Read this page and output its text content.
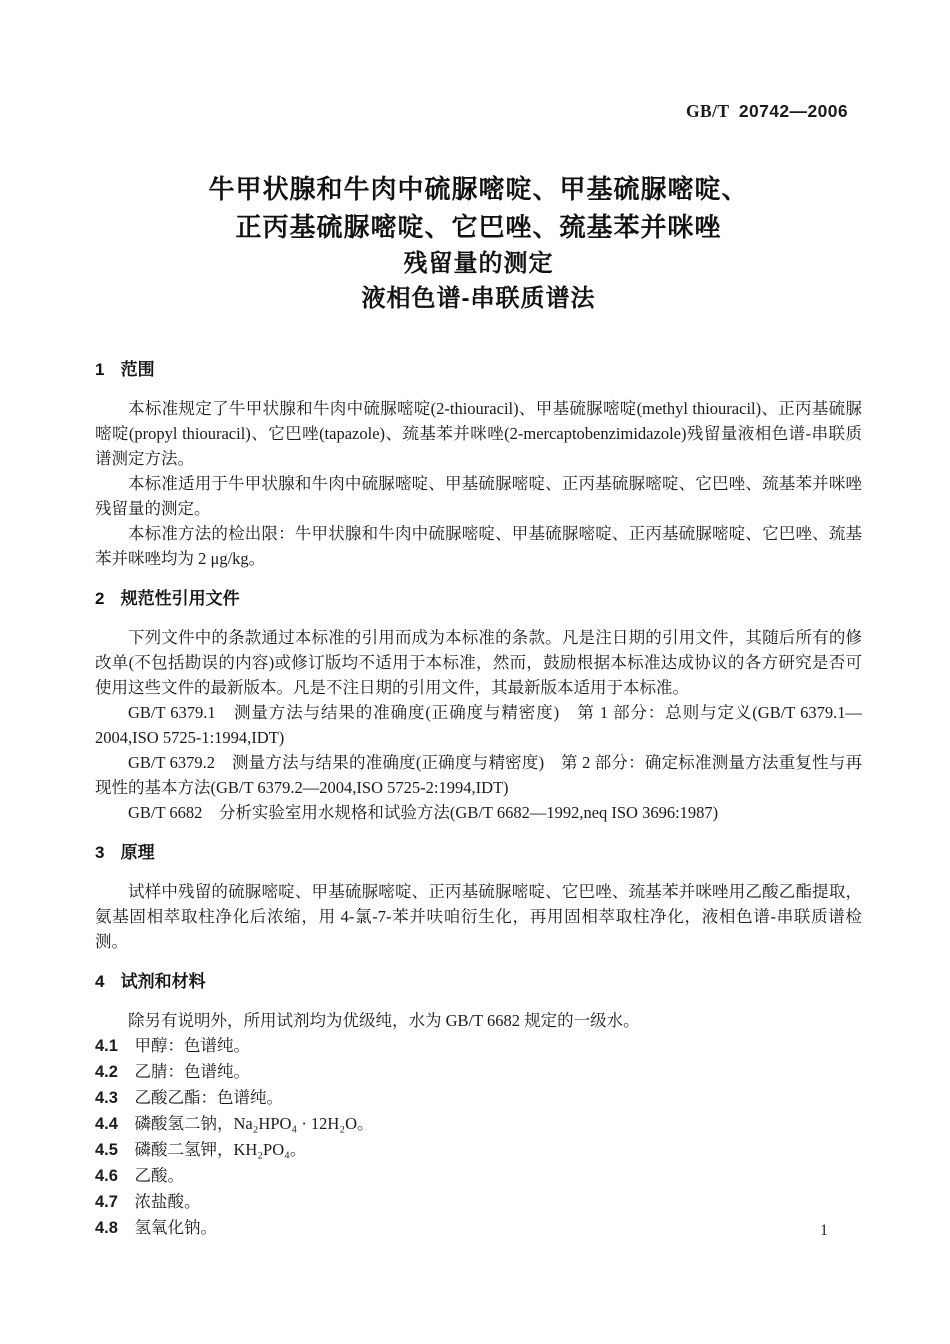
GB/T 20742—2006
牛甲状腺和牛肉中硫脲嘧啶、甲基硫脲嘧啶、
正丙基硫脲嘧啶、它巴唑、巯基苯并咪唑
残留量的测定
液相色谱-串联质谱法
1 范围

本标准规定了牛甲状腺和牛肉中硫脲嘧啶(2-thiouracil)、甲基硫脲嘧啶(methyl thiouracil)、正丙基硫脲嘧啶(propyl thiouracil)、它巴唑(tapazole)、巯基苯并咪唑(2-mercaptobenzimidazole)残留量液相色谱-串联质谱测定方法。

本标准适用于牛甲状腺和牛肉中硫脲嘧啶、甲基硫脲嘧啶、正丙基硫脲嘧啶、它巴唑、巯基苯并咪唑残留量的测定。

本标准方法的检出限：牛甲状腺和牛肉中硫脲嘧啶、甲基硫脲嘧啶、正丙基硫脲嘧啶、它巴唑、巯基苯并咪唑均为 2 μg/kg。

2 规范性引用文件

下列文件中的条款通过本标准的引用而成为本标准的条款。凡是注日期的引用文件，其随后所有的修改单(不包括勘误的内容)或修订版均不适用于本标准，然而，鼓励根据本标准达成协议的各方研究是否可使用这些文件的最新版本。凡是不注日期的引用文件，其最新版本适用于本标准。

GB/T 6379.1　测量方法与结果的准确度(正确度与精密度)　第 1 部分：总则与定义(GB/T 6379.1—2004,ISO 5725-1:1994,IDT)

GB/T 6379.2　测量方法与结果的准确度(正确度与精密度)　第 2 部分：确定标准测量方法重复性与再现性的基本方法(GB/T 6379.2—2004,ISO 5725-2:1994,IDT)

GB/T 6682　分析实验室用水规格和试验方法(GB/T 6682—1992,neq ISO 3696:1987)

3 原理

试样中残留的硫脲嘧啶、甲基硫脲嘧啶、正丙基硫脲嘧啶、它巴唑、巯基苯并咪唑用乙酸乙酯提取，氨基固相萃取柱净化后浓缩，用 4-氯-7-苯并呋咱衍生化，再用固相萃取柱净化，液相色谱-串联质谱检测。

4 试剂和材料

除另有说明外，所用试剂均为优级纯，水为 GB/T 6682 规定的一级水。

4.1 甲醇：色谱纯。
4.2 乙腈：色谱纯。
4.3 乙酸乙酯：色谱纯。
4.4 磷酸氢二钠，Na₂HPO₄ · 12H₂O。
4.5 磷酸二氢钾，KH₂PO₄。
4.6 乙酸。
4.7 浓盐酸。
4.8 氢氧化钠。	1
